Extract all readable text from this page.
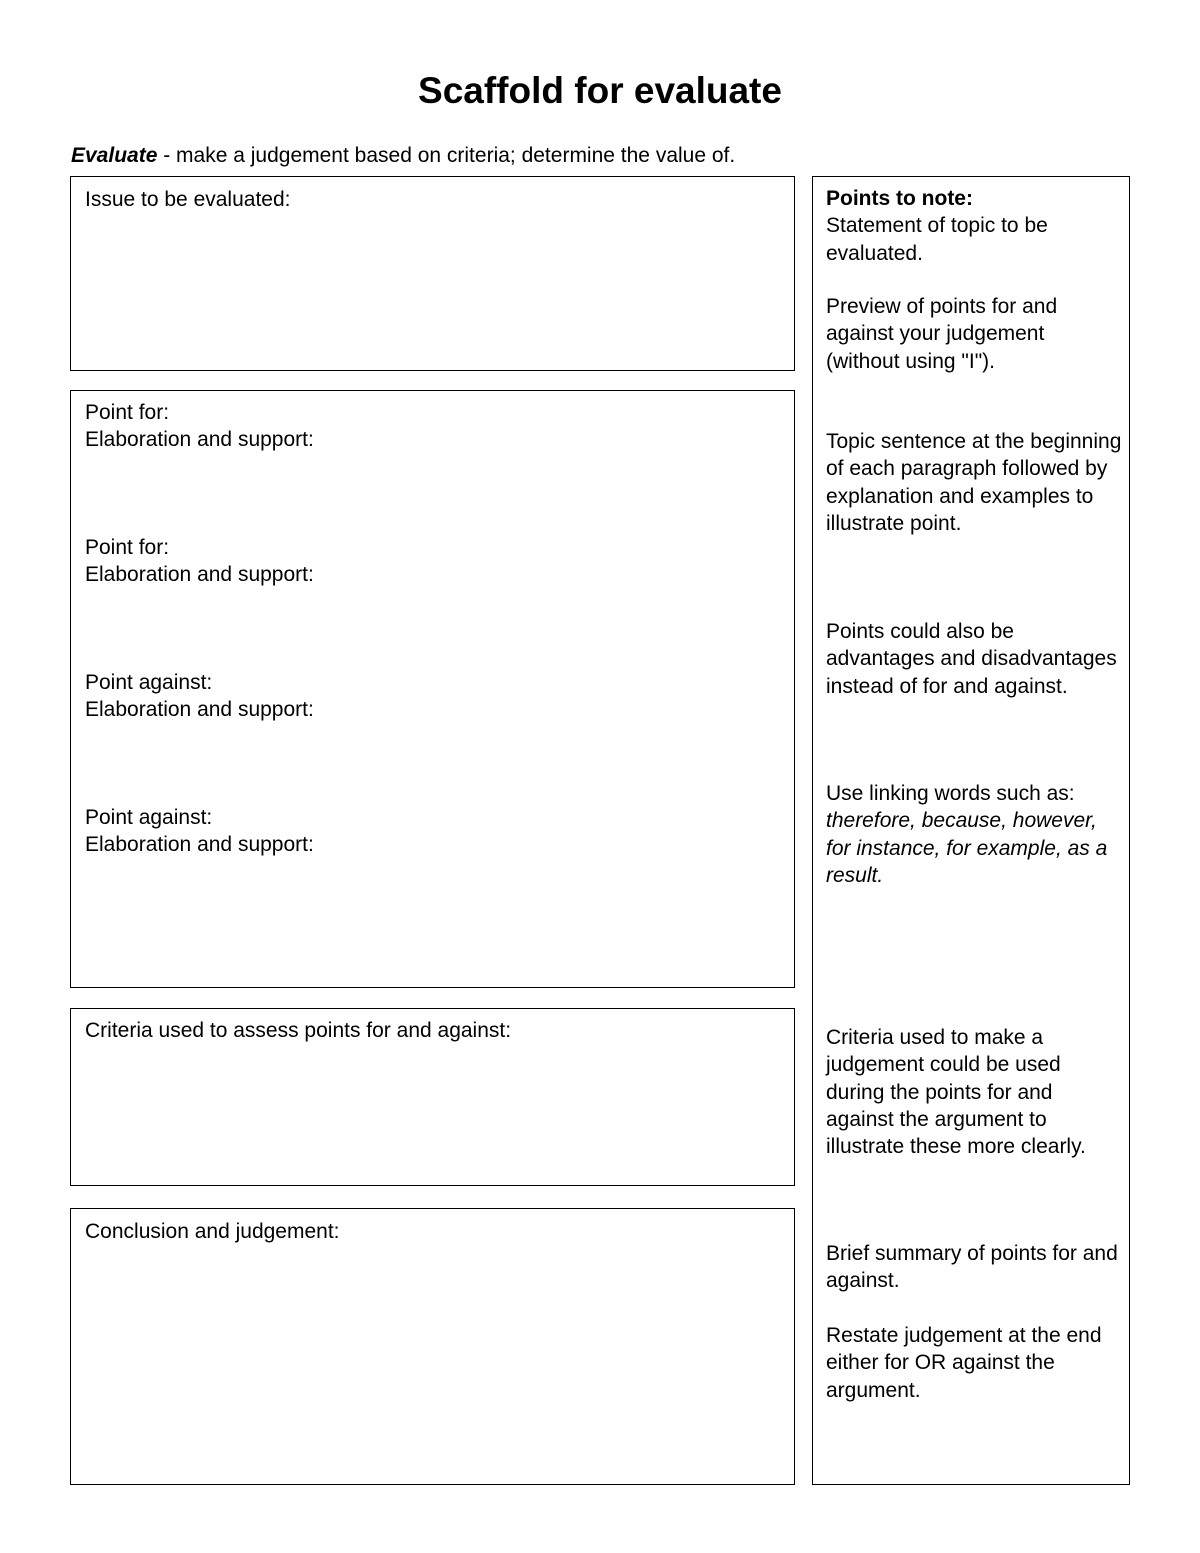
Scaffold for evaluate
Evaluate - make a judgement based on criteria; determine the value of.
Issue to be evaluated:
Point for:
Elaboration and support:
Point for:
Elaboration and support:
Point against:
Elaboration and support:
Point against:
Elaboration and support:
Criteria used to assess points for and against:
Conclusion and judgement:

Points to note:

Statement of topic to be evaluated.

Preview of points for and against your judgement (without using "I").

Topic sentence at the beginning of each paragraph followed by explanation and examples to illustrate point.

Points could also be advantages and disadvantages instead of for and against.

Use linking words such as:

therefore, because, however, for instance, for example, as a result.

Criteria used to make a judgement could be used during the points for and against the argument to illustrate these more clearly.

Brief summary of points for and against.

Restate judgement at the end either for OR against the argument.
